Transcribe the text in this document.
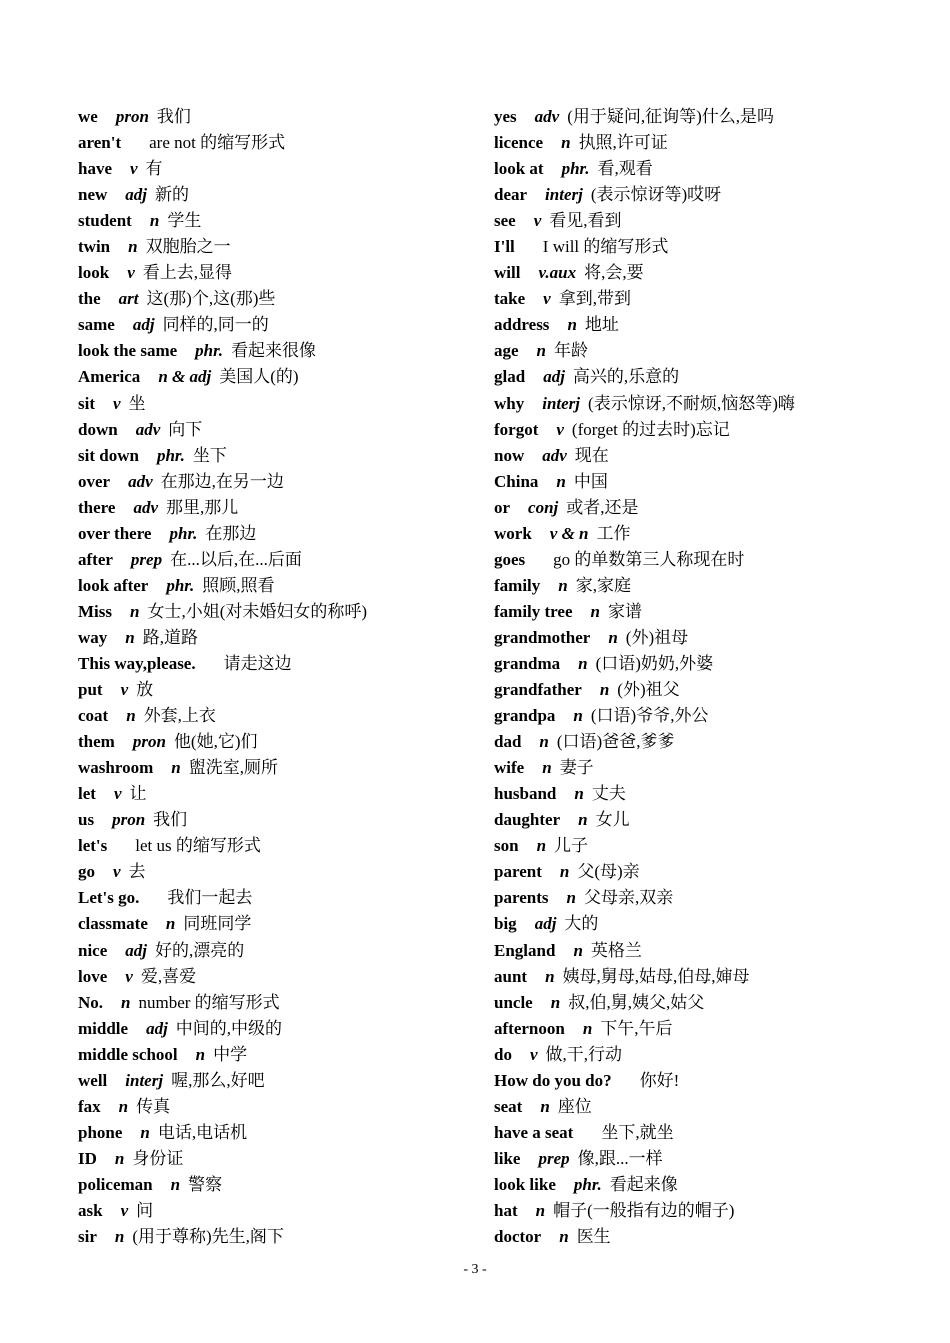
we pron 我们
aren't are not 的缩写形式
have v 有
new adj 新的
student n 学生
twin n 双胞胎之一
look v 看上去,显得
the art 这(那)个,这(那)些
same adj 同样的,同一的
look the same phr. 看起来很像
America n & adj 美国人(的)
sit v 坐
down adv 向下
sit down phr. 坐下
over adv 在那边,在另一边
there adv 那里,那儿
over there phr. 在那边
after prep 在...以后,在...后面
look after phr. 照顾,照看
Miss n 女士,小姐(对未婚妇女的称呼)
way n 路,道路
This way,please. 请走这边
put v 放
coat n 外套,上衣
them pron 他(她,它)们
washroom n 盥洗室,厕所
let v 让
us pron 我们
let's let us 的缩写形式
go v 去
Let's go. 我们一起去
classmate n 同班同学
nice adj 好的,漂亮的
love v 爱,喜爱
No. n number 的缩写形式
middle adj 中间的,中级的
middle school n 中学
well interj 喔,那么,好吧
fax n 传真
phone n 电话,电话机
ID n 身份证
policeman n 警察
ask v 问
sir n (用于尊称)先生,阁下
yes adv (用于疑问,征询等)什么,是吗
licence n 执照,许可证
look at phr. 看,观看
dear interj (表示惊讶等)哎呀
see v 看见,看到
I'll I will 的缩写形式
will v.aux 将,会,要
take v 拿到,带到
address n 地址
age n 年龄
glad adj 高兴的,乐意的
why interj (表示惊讶,不耐烦,恼怒等)嗨
forgot v (forget 的过去时)忘记
now adv 现在
China n 中国
or conj 或者,还是
work v & n 工作
goes go 的单数第三人称现在时
family n 家,家庭
family tree n 家谱
grandmother n (外)祖母
grandma n (口语)奶奶,外婆
grandfather n (外)祖父
grandpa n (口语)爷爷,外公
dad n (口语)爸爸,爹爹
wife n 妻子
husband n 丈夫
daughter n 女儿
son n 儿子
parent n 父(母)亲
parents n 父母亲,双亲
big adj 大的
England n 英格兰
aunt n 姨母,舅母,姑母,伯母,婶母
uncle n 叔,伯,舅,姨父,姑父
afternoon n 下午,午后
do v 做,干,行动
How do you do? 你好!
seat n 座位
have a seat 坐下,就坐
like prep 像,跟...一样
look like phr. 看起来像
hat n 帽子(一般指有边的帽子)
doctor n 医生
- 3 -
